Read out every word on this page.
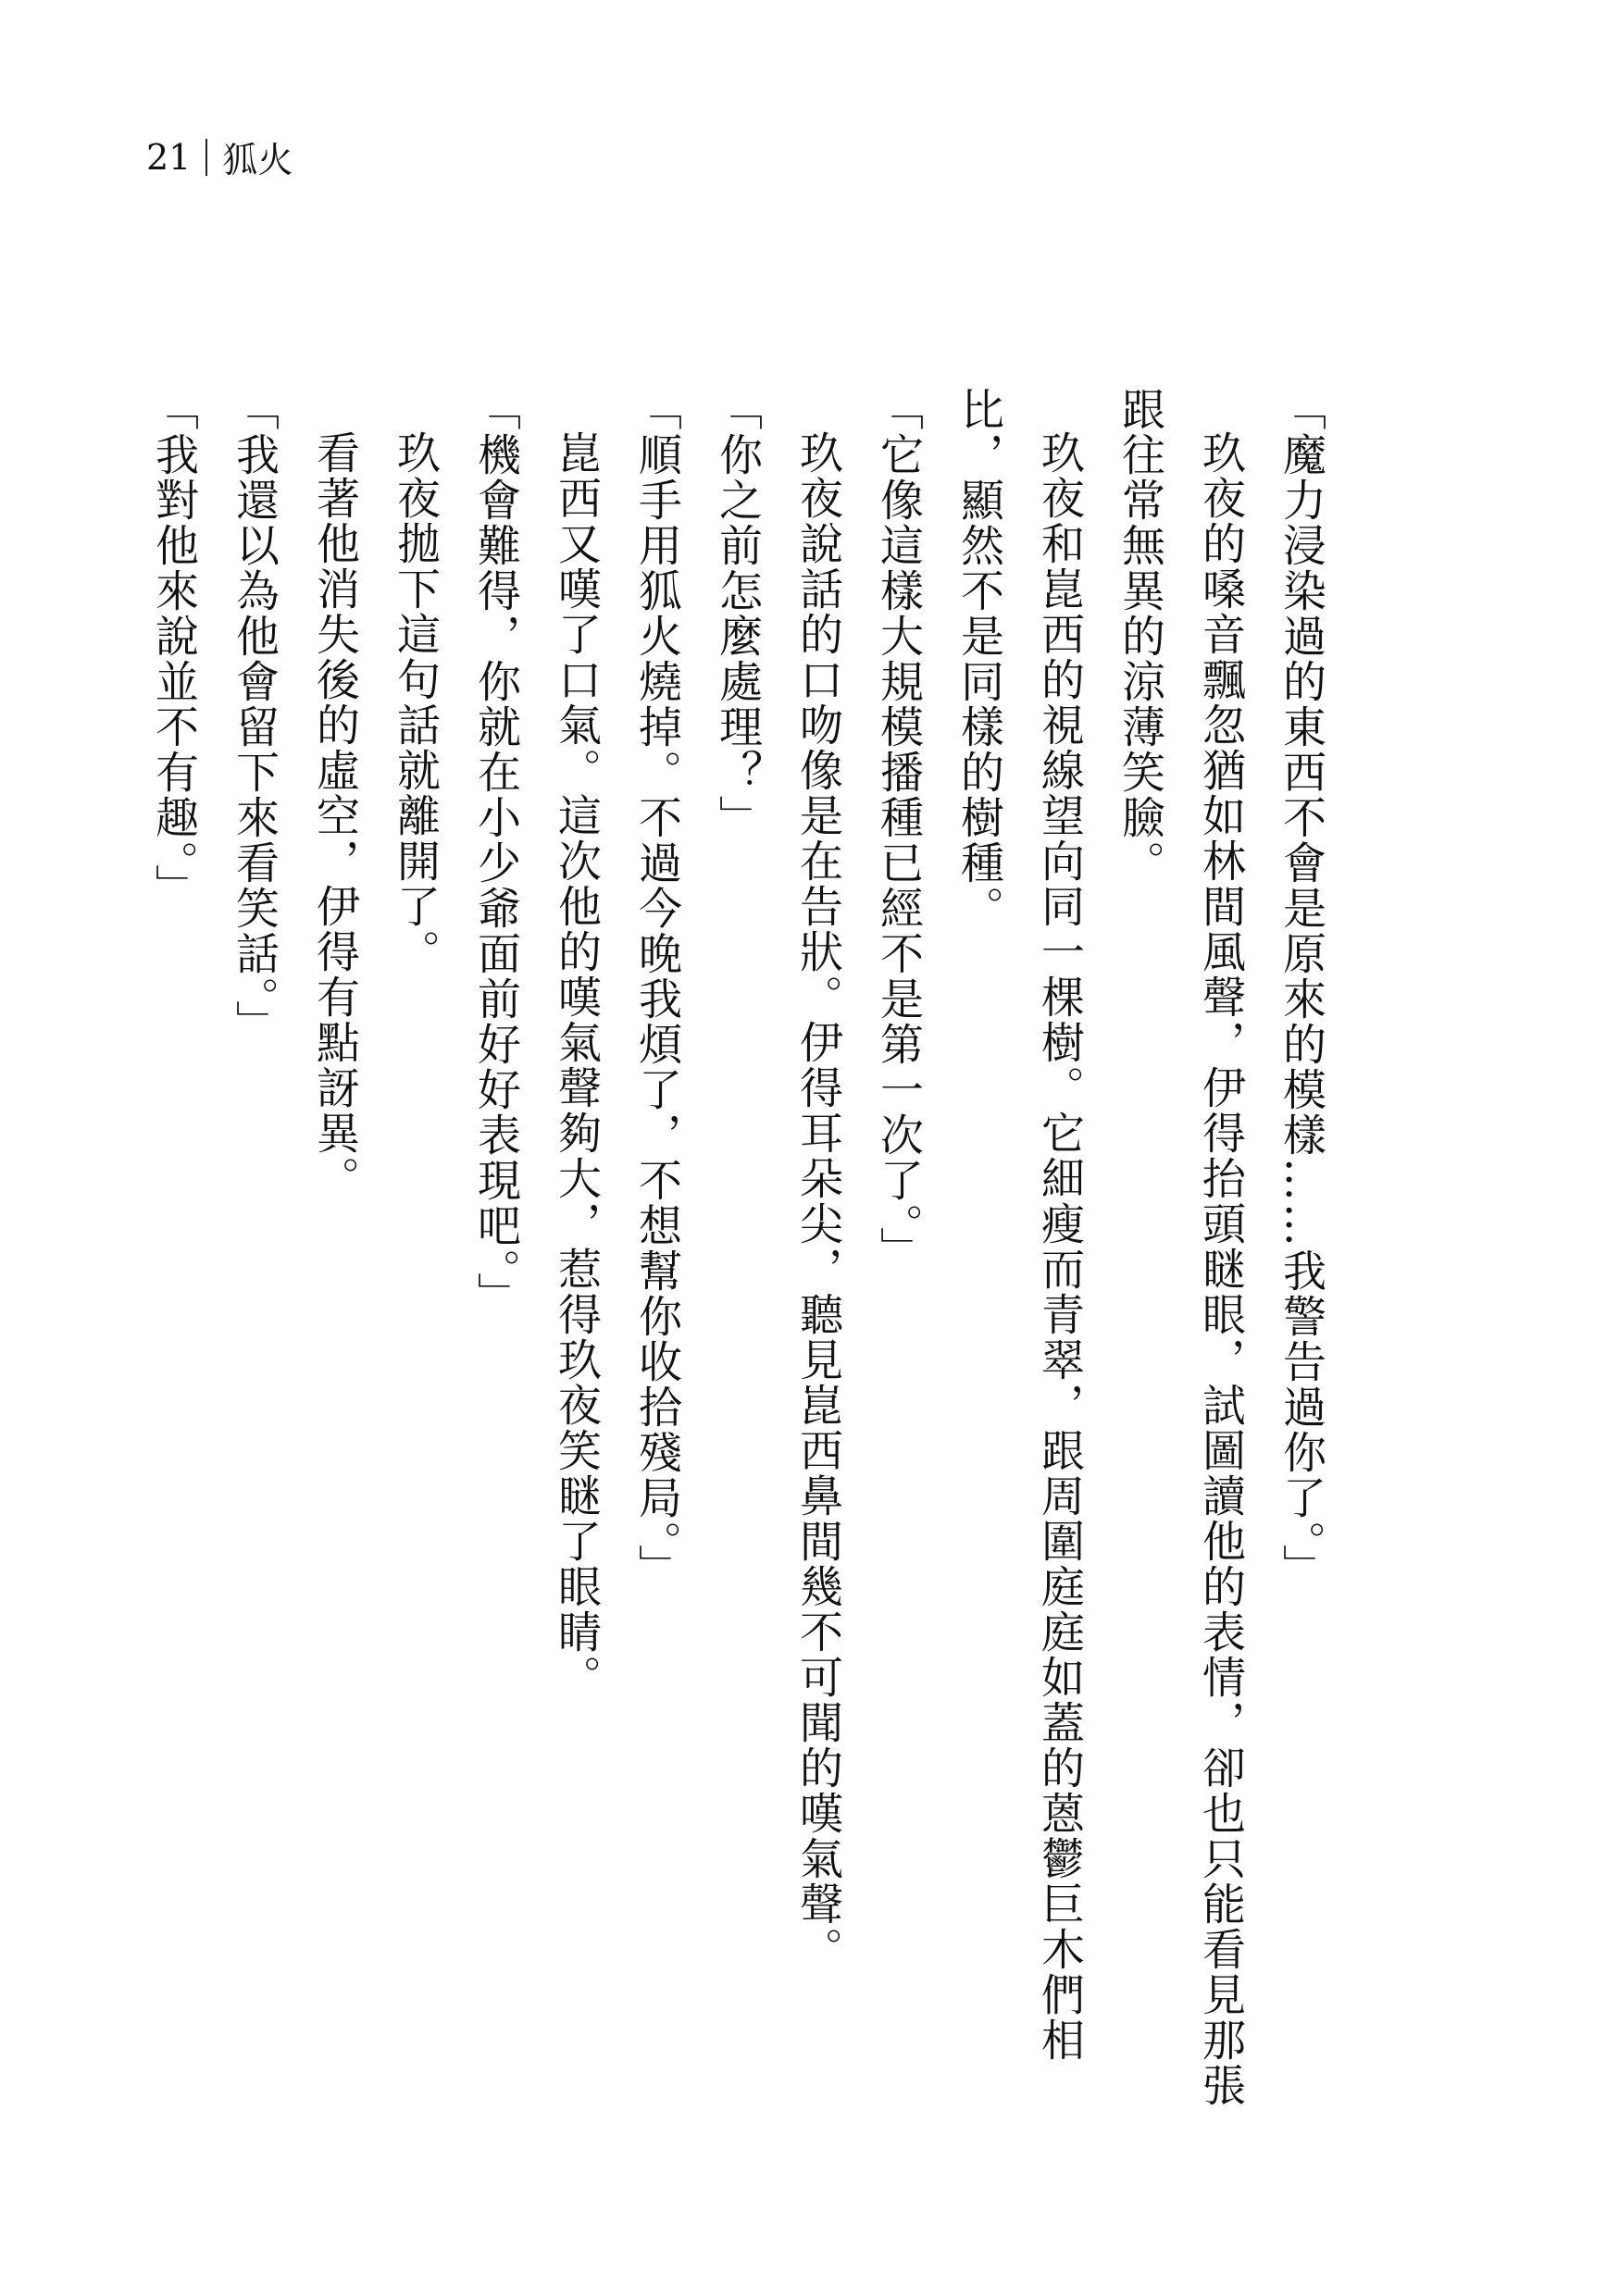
21 狐火

「魔力浸染過的東西不會是原來的模樣……我警告過你了。」

玖夜的嗓音飄忽猶如林間風聲，伊得抬頭瞇眼，試圖讀他的表情，卻也只能看見那張跟往常無異的涼薄笑臉。

玖夜和崑西的視線望向同一棵樹。它細瘦而青翠，跟周圍庭庭如蓋的蒽鬱巨木們相比，顯然不是同樣的樹種。

「它像這樣大規模播種已經不是第一次了。」

玖夜說話的口吻像是在告狀。伊得耳朵尖，聽見崑西鼻間幾不可聞的嘆氣聲。

「你之前怎麼處理？」

「順手用狐火燒掉。不過今晚我煩了，不想幫你收拾殘局。」

崑西又嘆了口氣。這次他的嘆氣聲夠大，惹得玖夜笑瞇了眼睛。

「機會難得，你就在小少爺面前好好表現吧。」

玖夜拋下這句話就離開了。

看著他消失後的虛空，伊得有點訝異。

「我還以為他會留下來看笑話。」

「我對他來說並不有趣。」
